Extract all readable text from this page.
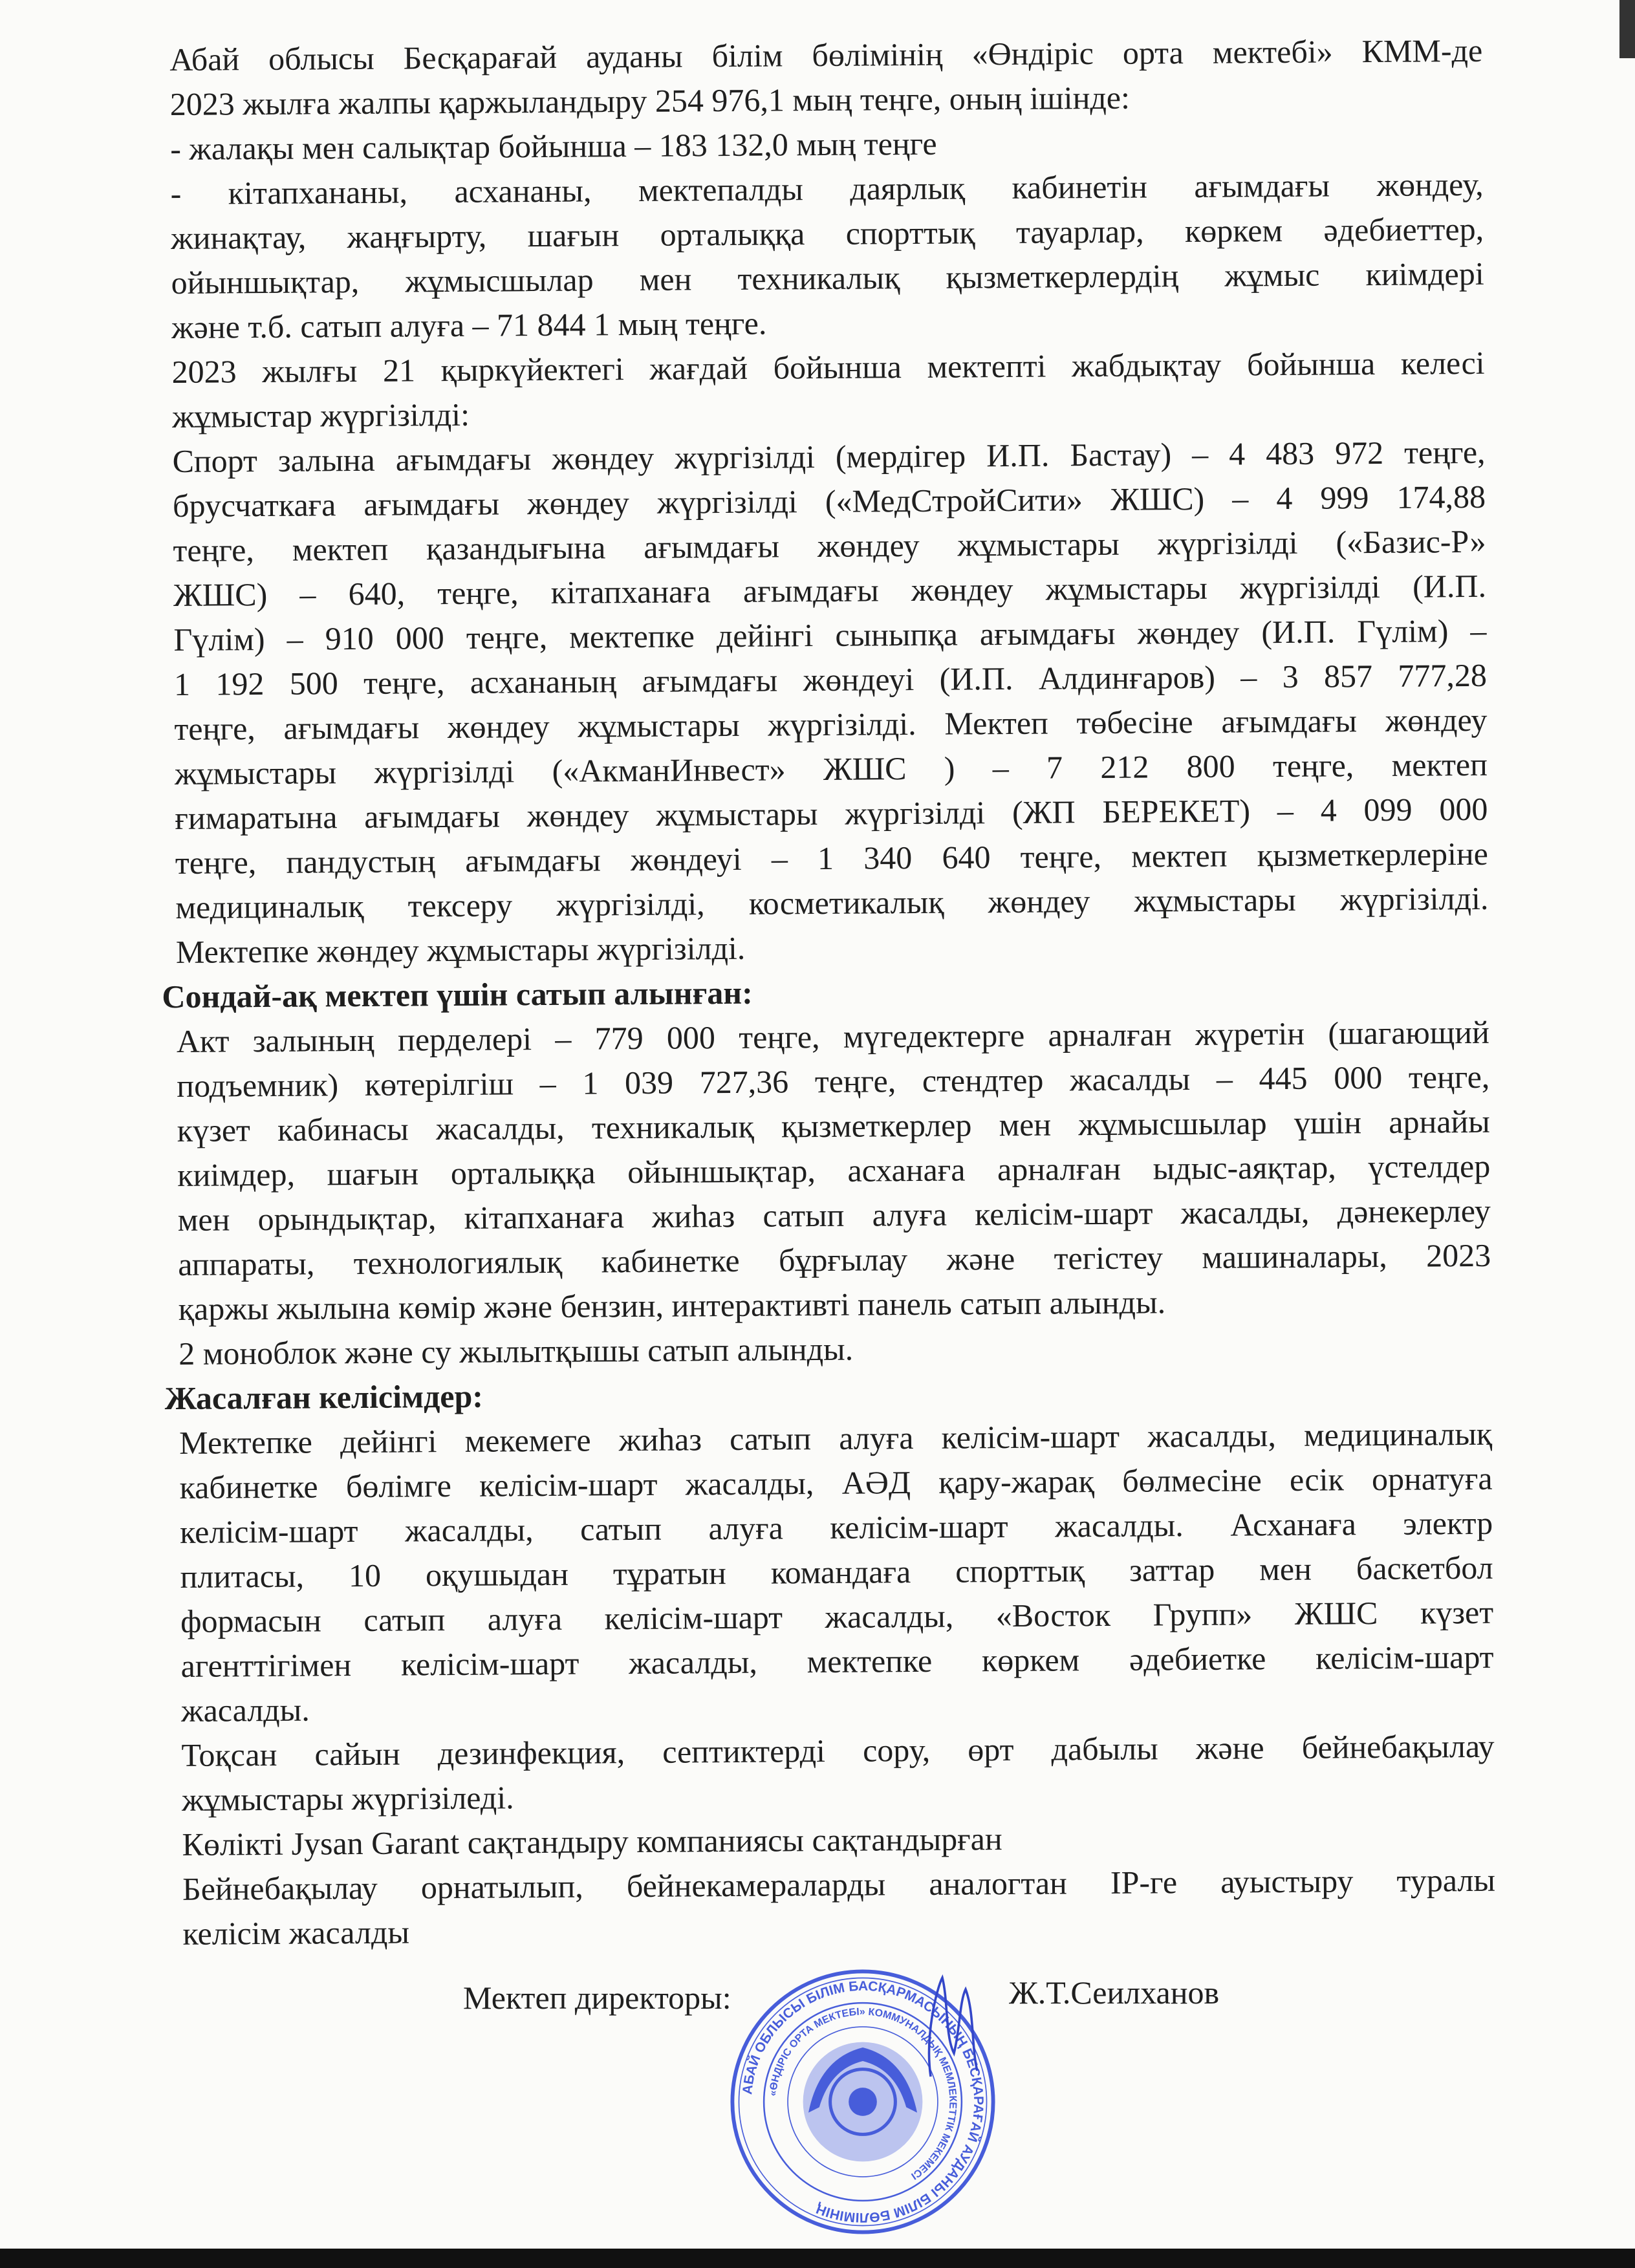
Абай облысы Бесқарағай ауданы білім бөлімінің «Өндіріс орта мектебі» КММ-де
2023 жылға жалпы қаржыландыру 254 976,1 мың теңге, оның ішінде:
- жалақы мен салықтар бойынша – 183 132,0 мың теңге
- кітапхананы, асхананы, мектепалды даярлық кабинетін ағымдағы жөндеу,
жинақтау, жаңғырту, шағын орталыққа спорттық тауарлар, көркем әдебиеттер,
ойыншықтар, жұмысшылар мен техникалық қызметкерлердің жұмыс киімдері
және т.б. сатып алуға – 71 844 1 мың теңге.
2023 жылғы 21 қыркүйектегі жағдай бойынша мектепті жабдықтау бойынша келесі
жұмыстар жүргізілді:
Спорт залына ағымдағы жөндеу жүргізілді (мердігер И.П. Бастау) – 4 483 972 теңге,
брусчаткаға ағымдағы жөндеу жүргізілді («МедСтройСити» ЖШС) – 4 999 174,88
теңге, мектеп қазандығына ағымдағы жөндеу жұмыстары жүргізілді («Базис-Р»
ЖШС) – 640, теңге, кітапханаға ағымдағы жөндеу жұмыстары жүргізілді (И.П.
Гүлім) – 910 000 теңге, мектепке дейінгі сыныпқа ағымдағы жөндеу (И.П. Гүлім) –
1 192 500 теңге, асхананың ағымдағы жөндеуі (И.П. Алдинғаров) – 3 857 777,28
теңге, ағымдағы жөндеу жұмыстары жүргізілді. Мектеп төбесіне ағымдағы жөндеу
жұмыстары жүргізілді («АкманИнвест» ЖШС ) – 7 212 800 теңге, мектеп
ғимаратына ағымдағы жөндеу жұмыстары жүргізілді (ЖП БЕРЕКЕТ) – 4 099 000
теңге, пандустың ағымдағы жөндеуі – 1 340 640 теңге, мектеп қызметкерлеріне
медициналық тексеру жүргізілді, косметикалық жөндеу жұмыстары жүргізілді.
Мектепке жөндеу жұмыстары жүргізілді.
Сондай-ақ мектеп үшін сатып алынған:
Акт залының перделері – 779 000 теңге, мүгедектерге арналған жүретін (шагающий
подъемник) көтерілгіш – 1 039 727,36 теңге, стендтер жасалды – 445 000 теңге,
күзет кабинасы жасалды, техникалық қызметкерлер мен жұмысшылар үшін арнайы
киімдер, шағын орталыққа ойыншықтар, асханаға арналған ыдыс-аяқтар, үстелдер
мен орындықтар, кітапханаға жиһаз сатып алуға келісім-шарт жасалды, дәнекерлеу
аппараты, технологиялық кабинетке бұрғылау және тегістеу машиналары, 2023
қаржы жылына көмір және бензин, интерактивті панель сатып алынды.
2 моноблок және су жылытқышы сатып алынды.
Жасалған келісімдер:
Мектепке дейінгі мекемеге жиһаз сатып алуға келісім-шарт жасалды, медициналық
кабинетке бөлімге келісім-шарт жасалды, АӘД қару-жарақ бөлмесіне есік орнатуға
келісім-шарт жасалды, сатып алуға келісім-шарт жасалды. Асханаға электр
плитасы, 10 оқушыдан тұратын командаға спорттық заттар мен баскетбол
формасын сатып алуға келісім-шарт жасалды, «Восток Групп» ЖШС күзет
агенттігімен келісім-шарт жасалды, мектепке көркем әдебиетке келісім-шарт
жасалды.
Тоқсан сайын дезинфекция, септиктерді сору, өрт дабылы және бейнебақылау
жұмыстары жүргізіледі.
Көлікті Jysan Garant сақтандыру компаниясы сақтандырған
Бейнебақылау орнатылып, бейнекамераларды аналогтан IP-ге ауыстыру туралы
келісім жасалды
Мектеп директоры:	Ж.Т.Сеилханов
АБАЙ ОБЛЫСЫ БІЛІМ БАСҚАРМАСЫНЫҢ БЕСҚАРАҒАЙ АУДАНЫ БІЛІМ БӨЛІМІНІҢ
«ӨНДІРІС ОРТА МЕКТЕБІ» КОММУНАЛДЫҚ МЕМЛЕКЕТТІК МЕКЕМЕСІ
